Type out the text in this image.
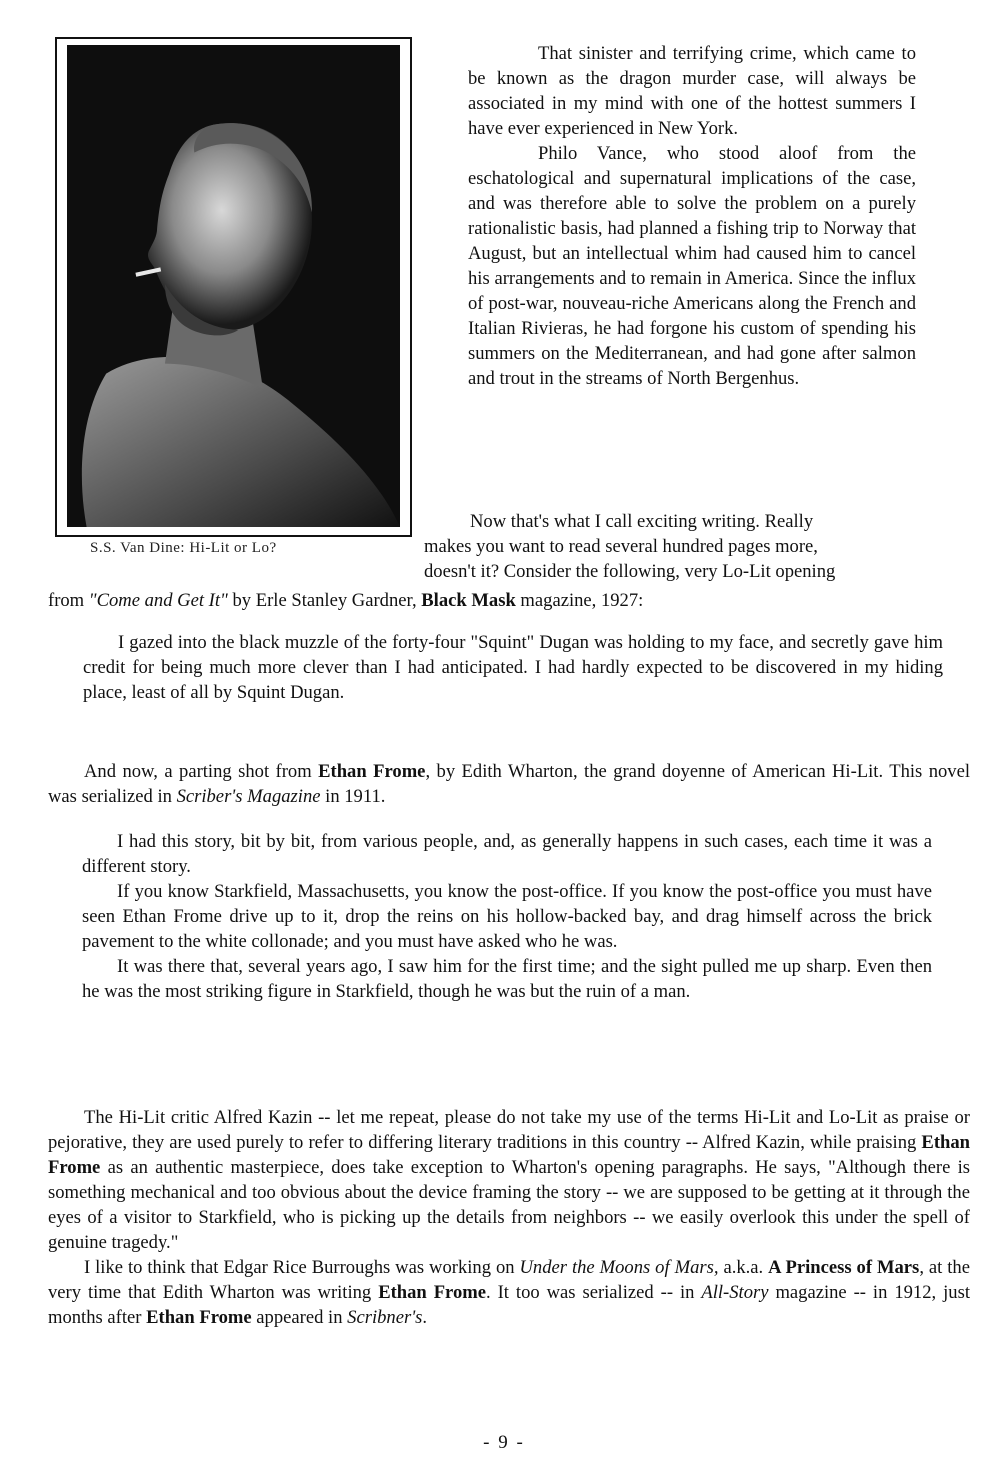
S.S. Van Dine: Hi-Lit or Lo?
That sinister and terrifying crime, which came to be known as the dragon murder case, will always be associated in my mind with one of the hottest summers I have ever experienced in New York.
Philo Vance, who stood aloof from the eschatological and supernatural implications of the case, and was therefore able to solve the problem on a purely rationalistic basis, had planned a fishing trip to Norway that August, but an intellectual whim had caused him to cancel his arrangements and to remain in America. Since the influx of post-war, nouveau-riche Americans along the French and Italian Rivieras, he had forgone his custom of spending his summers on the Mediterranean, and had gone after salmon and trout in the streams of North Bergenhus.
Now that's what I call exciting writing. Really
makes you want to read several hundred pages more,
doesn't it? Consider the following, very Lo-Lit opening
from "Come and Get It" by Erle Stanley Gardner, Black Mask magazine, 1927:
I gazed into the black muzzle of the forty-four "Squint" Dugan was holding to my face, and secretly gave him credit for being much more clever than I had anticipated. I had hardly expected to be discovered in my hiding place, least of all by Squint Dugan.
And now, a parting shot from Ethan Frome, by Edith Wharton, the grand doyenne of American Hi-Lit. This novel was serialized in Scriber's Magazine in 1911.
I had this story, bit by bit, from various people, and, as generally happens in such cases, each time it was a different story.
If you know Starkfield, Massachusetts, you know the post-office. If you know the post-office you must have seen Ethan Frome drive up to it, drop the reins on his hollow-backed bay, and drag himself across the brick pavement to the white collonade; and you must have asked who he was.
It was there that, several years ago, I saw him for the first time; and the sight pulled me up sharp. Even then he was the most striking figure in Starkfield, though he was but the ruin of a man.
The Hi-Lit critic Alfred Kazin -- let me repeat, please do not take my use of the terms Hi-Lit and Lo-Lit as praise or pejorative, they are used purely to refer to differing literary traditions in this country -- Alfred Kazin, while praising Ethan Frome as an authentic masterpiece, does take exception to Wharton's opening paragraphs. He says, "Although there is something mechanical and too obvious about the device framing the story -- we are supposed to be getting at it through the eyes of a visitor to Starkfield, who is picking up the details from neighbors -- we easily overlook this under the spell of genuine tragedy."
I like to think that Edgar Rice Burroughs was working on Under the Moons of Mars, a.k.a. A Princess of Mars, at the very time that Edith Wharton was writing Ethan Frome. It too was serialized -- in All-Story magazine -- in 1912, just months after Ethan Frome appeared in Scribner's.
- 9 -
